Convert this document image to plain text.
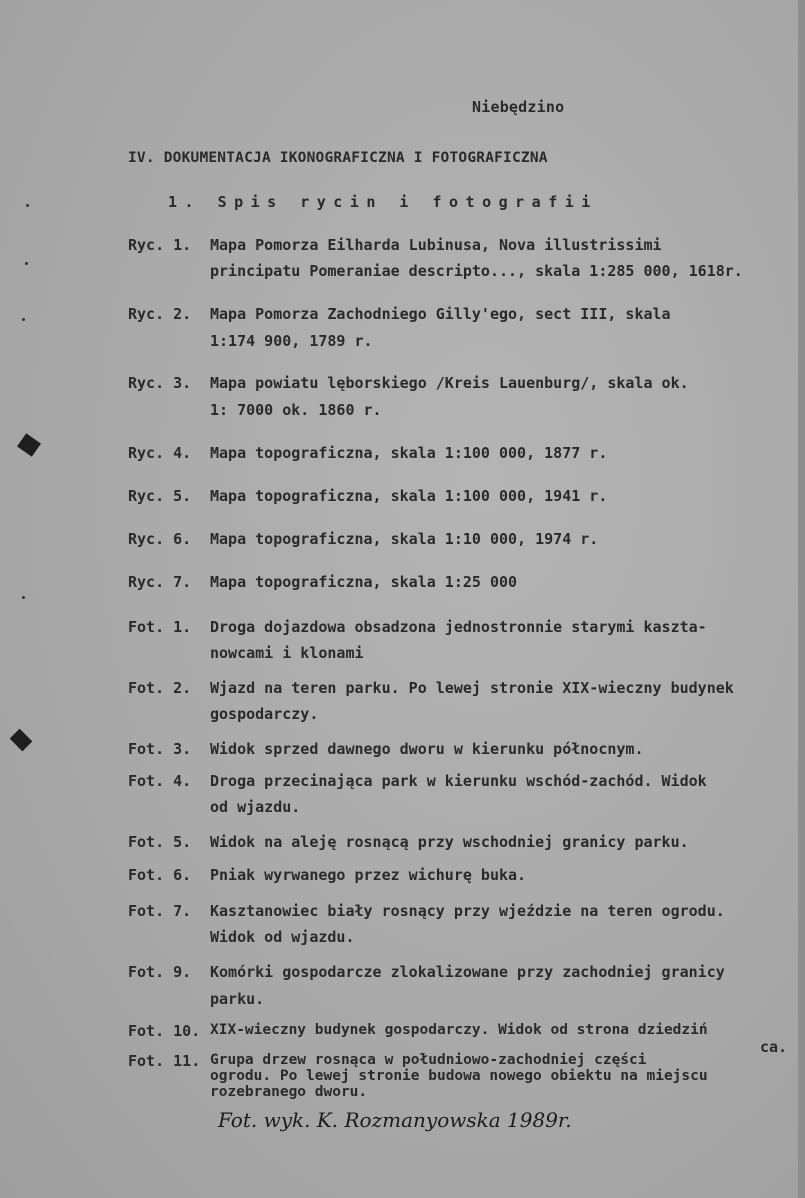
Niebędzino
IV. DOKUMENTACJA IKONOGRAFICZNA I FOTOGRAFICZNA
1. Spis rycin i fotografii
Ryc. 1. Mapa Pomorza Eilharda Lubinusa, Nova illustrissimi
principatu Pomeraniae descripto..., skala 1:285 000, 1618r.
Ryc. 2. Mapa Pomorza Zachodniego Gilly'ego, sect III, skala
1:174 900, 1789 r.
Ryc. 3. Mapa powiatu lęborskiego /Kreis Lauenburg/, skala ok.
1: 7000 ok. 1860 r.
Ryc. 4. Mapa topograficzna, skala 1:100 000, 1877 r.
Ryc. 5. Mapa topograficzna, skala 1:100 000, 1941 r.
Ryc. 6. Mapa topograficzna, skala 1:10 000, 1974 r.
Ryc. 7. Mapa topograficzna, skala 1:25 000
Fot. 1. Droga dojazdowa obsadzona jednostronnie starymi kaszta-
nowcami i klonami
Fot. 2. Wjazd na teren parku. Po lewej stronie XIX-wieczny budynek
gospodarczy.
Fot. 3. Widok sprzed dawnego dworu w kierunku północnym.
Fot. 4. Droga przecinająca park w kierunku wschód-zachód. Widok
od wjazdu.
Fot. 5. Widok na aleję rosnącą przy wschodniej granicy parku.
Fot. 6. Pniak wyrwanego przez wichurę buka.
Fot. 7. Kasztanowiec biały rosnący przy wjeździe na teren ogrodu.
Widok od wjazdu.
Fot. 9. Komórki gospodarcze zlokalizowane przy zachodniej granicy
parku.
Fot. 10. XIX-wieczny budynek gospodarczy. Widok od strona dziedziń
ca.
Fot. 11. Grupa drzew rosnąca w południowo-zachodniej części
ogrodu. Po lewej stronie budowa nowego obiektu na miejscu
rozebranego dworu.
Fot. wyk. K. Rozmanyowska 1989r.
